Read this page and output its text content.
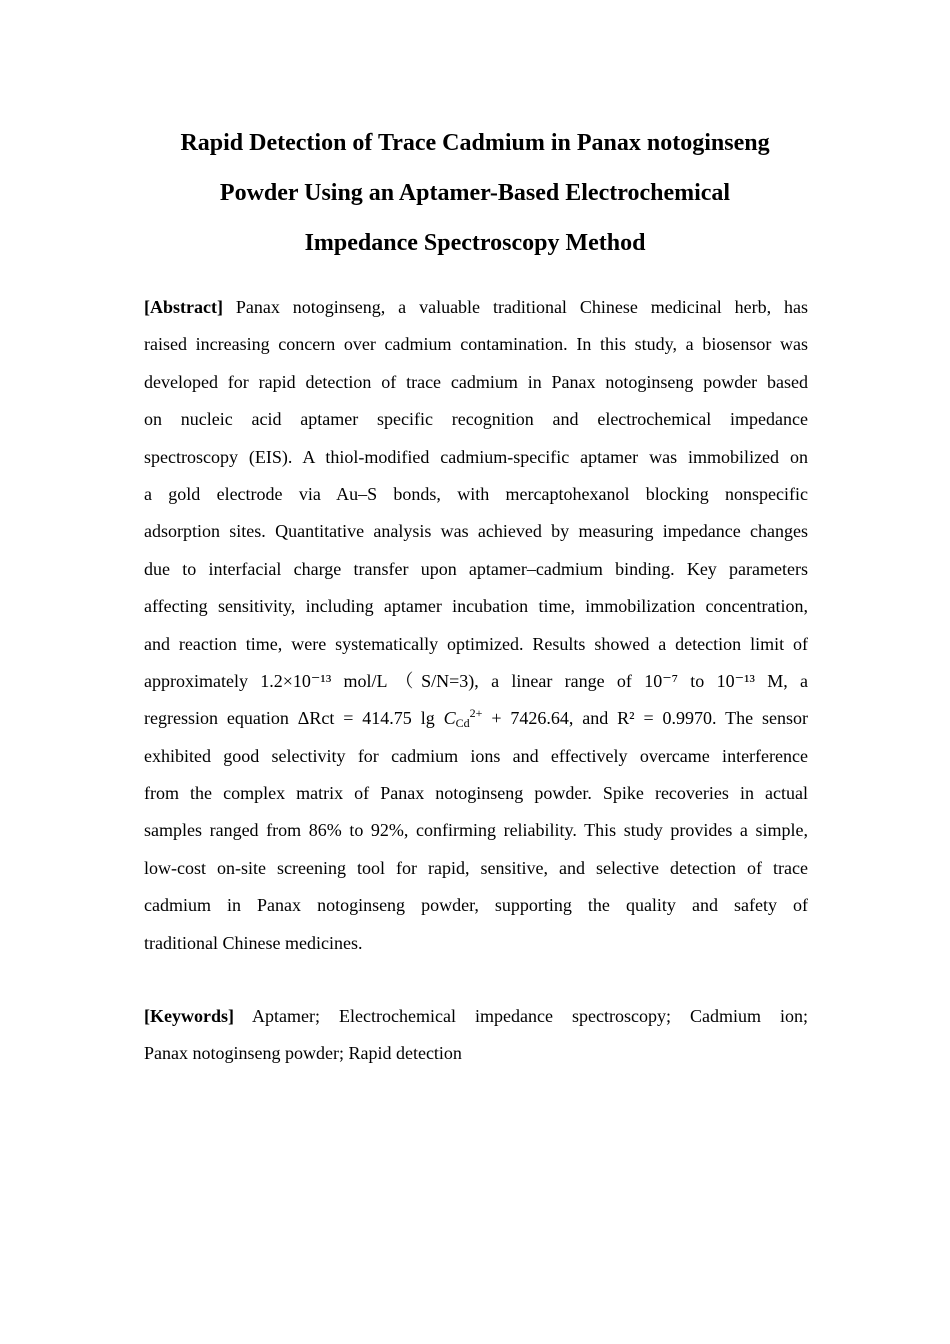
Rapid Detection of Trace Cadmium in Panax notoginseng
Powder Using an Aptamer-Based Electrochemical
Impedance Spectroscopy Method
[Abstract] Panax notoginseng, a valuable traditional Chinese medicinal herb, has
raised increasing concern over cadmium contamination. In this study, a biosensor was
developed for rapid detection of trace cadmium in Panax notoginseng powder based
on nucleic acid aptamer specific recognition and electrochemical impedance
spectroscopy (EIS). A thiol-modified cadmium-specific aptamer was immobilized on
a gold electrode via Au–S bonds, with mercaptohexanol blocking nonspecific
adsorption sites. Quantitative analysis was achieved by measuring impedance changes
due to interfacial charge transfer upon aptamer–cadmium binding. Key parameters
affecting sensitivity, including aptamer incubation time, immobilization concentration,
and reaction time, were systematically optimized. Results showed a detection limit of
approximately 1.2×10⁻¹³ mol/L（S/N=3), a linear range of 10⁻⁷ to 10⁻¹³ M, a
regression equation ΔRct = 414.75 $\lg C_{Cd}^{2+} + 7426.64$, and R² = 0.9970. The sensor
exhibited good selectivity for cadmium ions and effectively overcame interference
from the complex matrix of Panax notoginseng powder. Spike recoveries in actual
samples ranged from 86% to 92%, confirming reliability. This study provides a simple,
low-cost on-site screening tool for rapid, sensitive, and selective detection of trace
cadmium in Panax notoginseng powder, supporting the quality and safety of
traditional Chinese medicines.
[Keywords] Aptamer; Electrochemical impedance spectroscopy; Cadmium ion;
Panax notoginseng powder; Rapid detection
